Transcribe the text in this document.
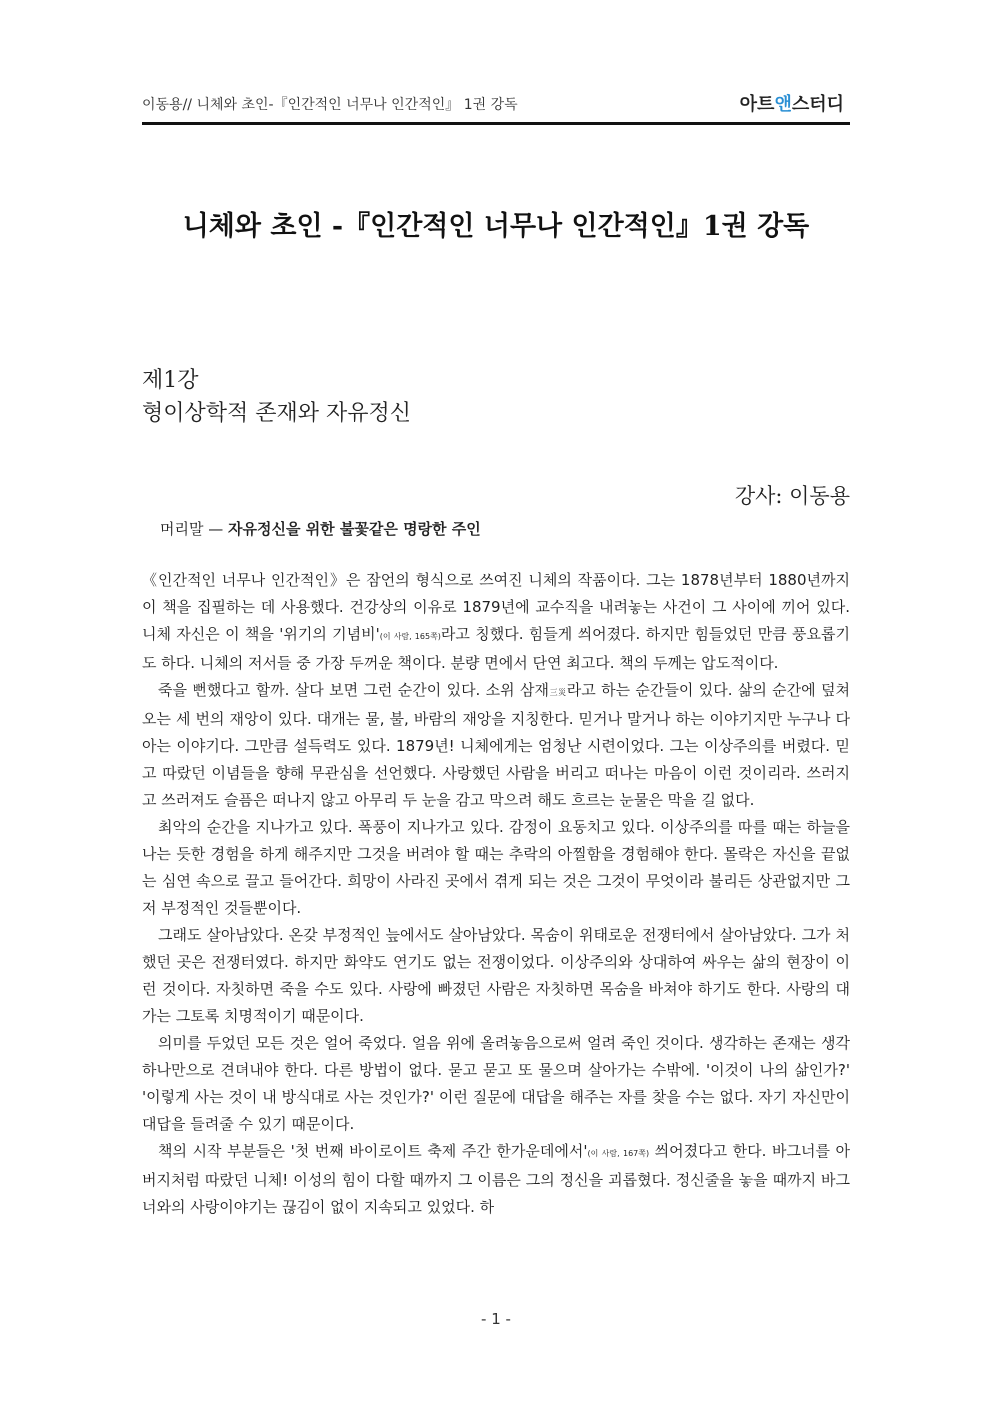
이동용// 니체와 초인-『인간적인 너무나 인간적인』 1권 강독	아트앤스터디
니체와 초인 -『인간적인 너무나 인간적인』1권 강독
제1강
형이상학적 존재와 자유정신
강사: 이동용
머리말 — 자유정신을 위한 불꽃같은 명랑한 주인

《인간적인 너무나 인간적인》은 잠언의 형식으로 쓰여진 니체의 작품이다. 그는 1878년부터 1880년까지 이 책을 집필하는 데 사용했다. 건강상의 이유로 1879년에 교수직을 내려놓는 사건이 그 사이에 끼어 있다. 니체 자신은 이 책을 '위기의 기념비'(이 사람, 165쪽)라고 칭했다. 힘들게 씌어졌다. 하지만 힘들었던 만큼 풍요롭기도 하다. 니체의 저서들 중 가장 두꺼운 책이다. 분량 면에서 단연 최고다. 책의 두께는 압도적이다.

죽을 뻔했다고 할까. 살다 보면 그런 순간이 있다. 소위 삼재三災라고 하는 순간들이 있다. 삶의 순간에 덮쳐오는 세 번의 재앙이 있다. 대개는 물, 불, 바람의 재앙을 지칭한다. 믿거나 말거나 하는 이야기지만 누구나 다 아는 이야기다. 그만큼 설득력도 있다. 1879년! 니체에게는 엄청난 시련이었다. 그는 이상주의를 버렸다. 믿고 따랐던 이념들을 향해 무관심을 선언했다. 사랑했던 사람을 버리고 떠나는 마음이 이런 것이리라. 쓰러지고 쓰러져도 슬픔은 떠나지 않고 아무리 두 눈을 감고 막으려 해도 흐르는 눈물은 막을 길 없다.

최악의 순간을 지나가고 있다. 폭풍이 지나가고 있다. 감정이 요동치고 있다. 이상주의를 따를 때는 하늘을 나는 듯한 경험을 하게 해주지만 그것을 버려야 할 때는 추락의 아찔함을 경험해야 한다. 몰락은 자신을 끝없는 심연 속으로 끌고 들어간다. 희망이 사라진 곳에서 겪게 되는 것은 그것이 무엇이라 불리든 상관없지만 그저 부정적인 것들뿐이다.

그래도 살아남았다. 온갖 부정적인 늪에서도 살아남았다. 목숨이 위태로운 전쟁터에서 살아남았다. 그가 처했던 곳은 전쟁터였다. 하지만 화약도 연기도 없는 전쟁이었다. 이상주의와 상대하여 싸우는 삶의 현장이 이런 것이다. 자칫하면 죽을 수도 있다. 사랑에 빠졌던 사람은 자칫하면 목숨을 바쳐야 하기도 한다. 사랑의 대가는 그토록 치명적이기 때문이다.

의미를 두었던 모든 것은 얼어 죽었다. 얼음 위에 올려놓음으로써 얼려 죽인 것이다. 생각하는 존재는 생각 하나만으로 견뎌내야 한다. 다른 방법이 없다. 묻고 묻고 또 물으며 살아가는 수밖에. '이것이 나의 삶인가?' '이렇게 사는 것이 내 방식대로 사는 것인가?' 이런 질문에 대답을 해주는 자를 찾을 수는 없다. 자기 자신만이 대답을 들려줄 수 있기 때문이다.

책의 시작 부분들은 '첫 번째 바이로이트 축제 주간 한가운데에서'(이 사람, 167쪽) 씌어졌다고 한다. 바그너를 아버지처럼 따랐던 니체! 이성의 힘이 다할 때까지 그 이름은 그의 정신을 괴롭혔다. 정신줄을 놓을 때까지 바그너와의 사랑이야기는 끊김이 없이 지속되고 있었다. 하

- 1 -
